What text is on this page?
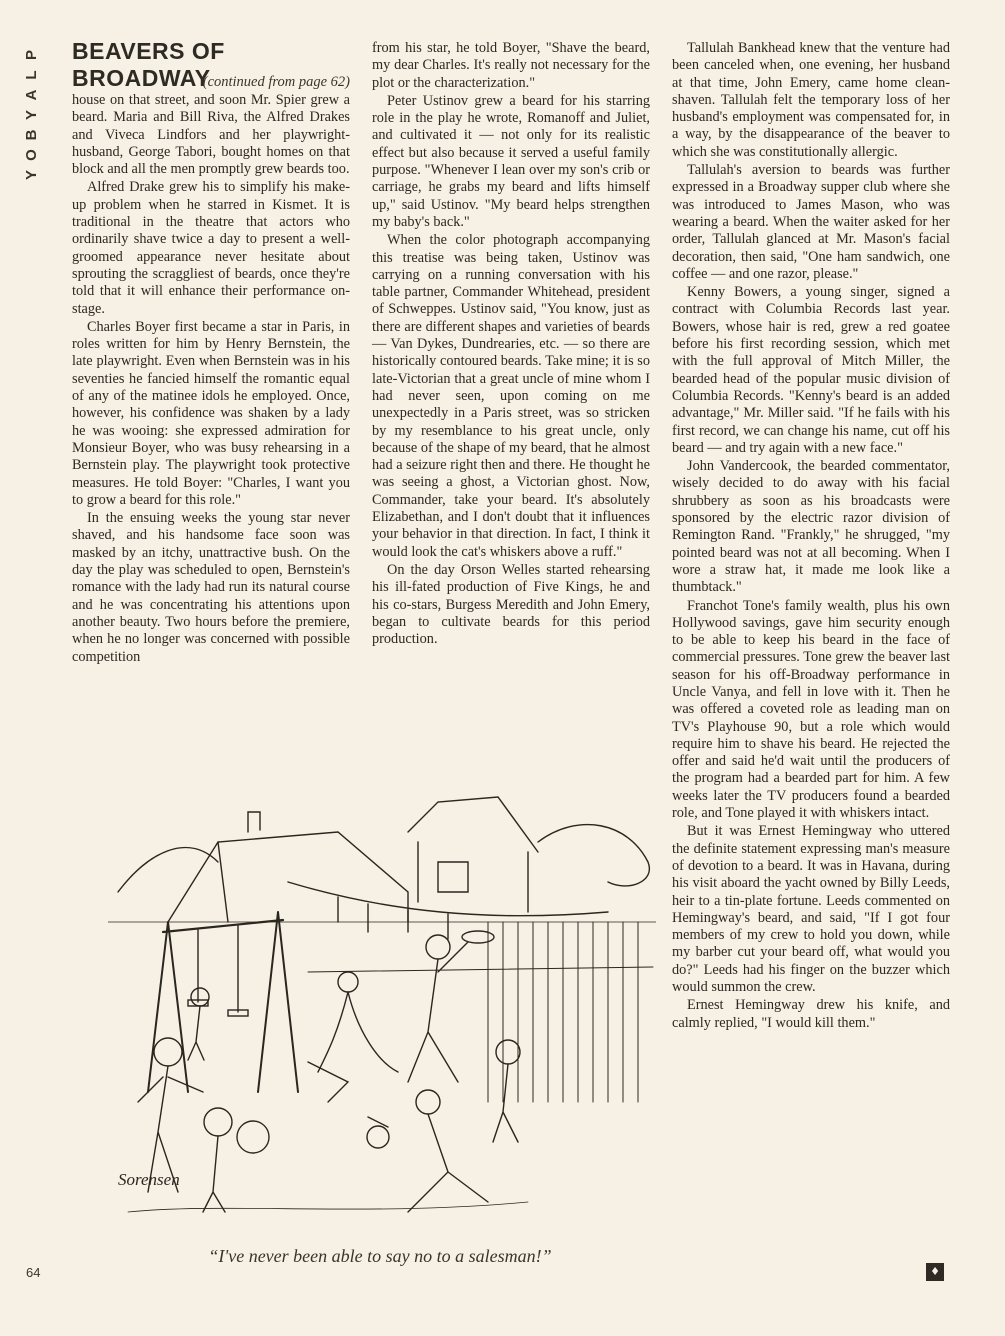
P
L
A
Y
B
O
Y
BEAVERS OF BROADWAY
(continued from page 62)

house on that street, and soon Mr. Spier grew a beard. Maria and Bill Riva, the Alfred Drakes and Viveca Lindfors and her playwright-husband, George Tabori, bought homes on that block and all the men promptly grew beards too.

Alfred Drake grew his to simplify his make-up problem when he starred in Kismet. It is traditional in the theatre that actors who ordinarily shave twice a day to present a well-groomed appearance never hesitate about sprouting the scraggliest of beards, once they're told that it will enhance their performance on-stage.

Charles Boyer first became a star in Paris, in roles written for him by Henry Bernstein, the late playwright. Even when Bernstein was in his seventies he fancied himself the romantic equal of any of the matinee idols he employed. Once, however, his confidence was shaken by a lady he was wooing: she expressed admiration for Monsieur Boyer, who was busy rehearsing in a Bernstein play. The playwright took protective measures. He told Boyer: "Charles, I want you to grow a beard for this role."

In the ensuing weeks the young star never shaved, and his handsome face soon was masked by an itchy, unattractive bush. On the day the play was scheduled to open, Bernstein's romance with the lady had run its natural course and he was concentrating his attentions upon another beauty. Two hours before the premiere, when he no longer was concerned with possible competition

from his star, he told Boyer, "Shave the beard, my dear Charles. It's really not necessary for the plot or the characterization."

Peter Ustinov grew a beard for his starring role in the play he wrote, Romanoff and Juliet, and cultivated it — not only for its realistic effect but also because it served a useful family purpose. "Whenever I lean over my son's crib or carriage, he grabs my beard and lifts himself up," said Ustinov. "My beard helps strengthen my baby's back."

When the color photograph accompanying this treatise was being taken, Ustinov was carrying on a running conversation with his table partner, Commander Whitehead, president of Schweppes. Ustinov said, "You know, just as there are different shapes and varieties of beards — Van Dykes, Dundrearies, etc. — so there are historically contoured beards. Take mine; it is so late-Victorian that a great uncle of mine whom I had never seen, upon coming on me unexpectedly in a Paris street, was so stricken by my resemblance to his great uncle, only because of the shape of my beard, that he almost had a seizure right then and there. He thought he was seeing a ghost, a Victorian ghost. Now, Commander, take your beard. It's absolutely Elizabethan, and I don't doubt that it influences your behavior in that direction. In fact, I think it would look the cat's whiskers above a ruff."

On the day Orson Welles started rehearsing his ill-fated production of Five Kings, he and his co-stars, Burgess Meredith and John Emery, began to cultivate beards for this period production.

Tallulah Bankhead knew that the venture had been canceled when, one evening, her husband at that time, John Emery, came home clean-shaven. Tallulah felt the temporary loss of her husband's employment was compensated for, in a way, by the disappearance of the beaver to which she was constitutionally allergic.

Tallulah's aversion to beards was further expressed in a Broadway supper club where she was introduced to James Mason, who was wearing a beard. When the waiter asked for her order, Tallulah glanced at Mr. Mason's facial decoration, then said, "One ham sandwich, one coffee — and one razor, please."

Kenny Bowers, a young singer, signed a contract with Columbia Records last year. Bowers, whose hair is red, grew a red goatee before his first recording session, which met with the full approval of Mitch Miller, the bearded head of the popular music division of Columbia Records. "Kenny's beard is an added advantage," Mr. Miller said. "If he fails with his first record, we can change his name, cut off his beard — and try again with a new face."

John Vandercook, the bearded commentator, wisely decided to do away with his facial shrubbery as soon as his broadcasts were sponsored by the electric razor division of Remington Rand. "Frankly," he shrugged, "my pointed beard was not at all becoming. When I wore a straw hat, it made me look like a thumbtack."

Franchot Tone's family wealth, plus his own Hollywood savings, gave him security enough to be able to keep his beard in the face of commercial pressures. Tone grew the beaver last season for his off-Broadway performance in Uncle Vanya, and fell in love with it. Then he was offered a coveted role as leading man on TV's Playhouse 90, but a role which would require him to shave his beard. He rejected the offer and said he'd wait until the producers of the program had a bearded part for him. A few weeks later the TV producers found a bearded role, and Tone played it with whiskers intact.

But it was Ernest Hemingway who uttered the definite statement expressing man's measure of devotion to a beard. It was in Havana, during his visit aboard the yacht owned by Billy Leeds, heir to a tin-plate fortune. Leeds commented on Hemingway's beard, and said, "If I got four members of my crew to hold you down, while my barber cut your beard off, what would you do?" Leeds had his finger on the buzzer which would summon the crew.

Ernest Hemingway drew his knife, and calmly replied, "I would kill them."

Sorensen
“I've never been able to say no to a salesman!”
64	♦
